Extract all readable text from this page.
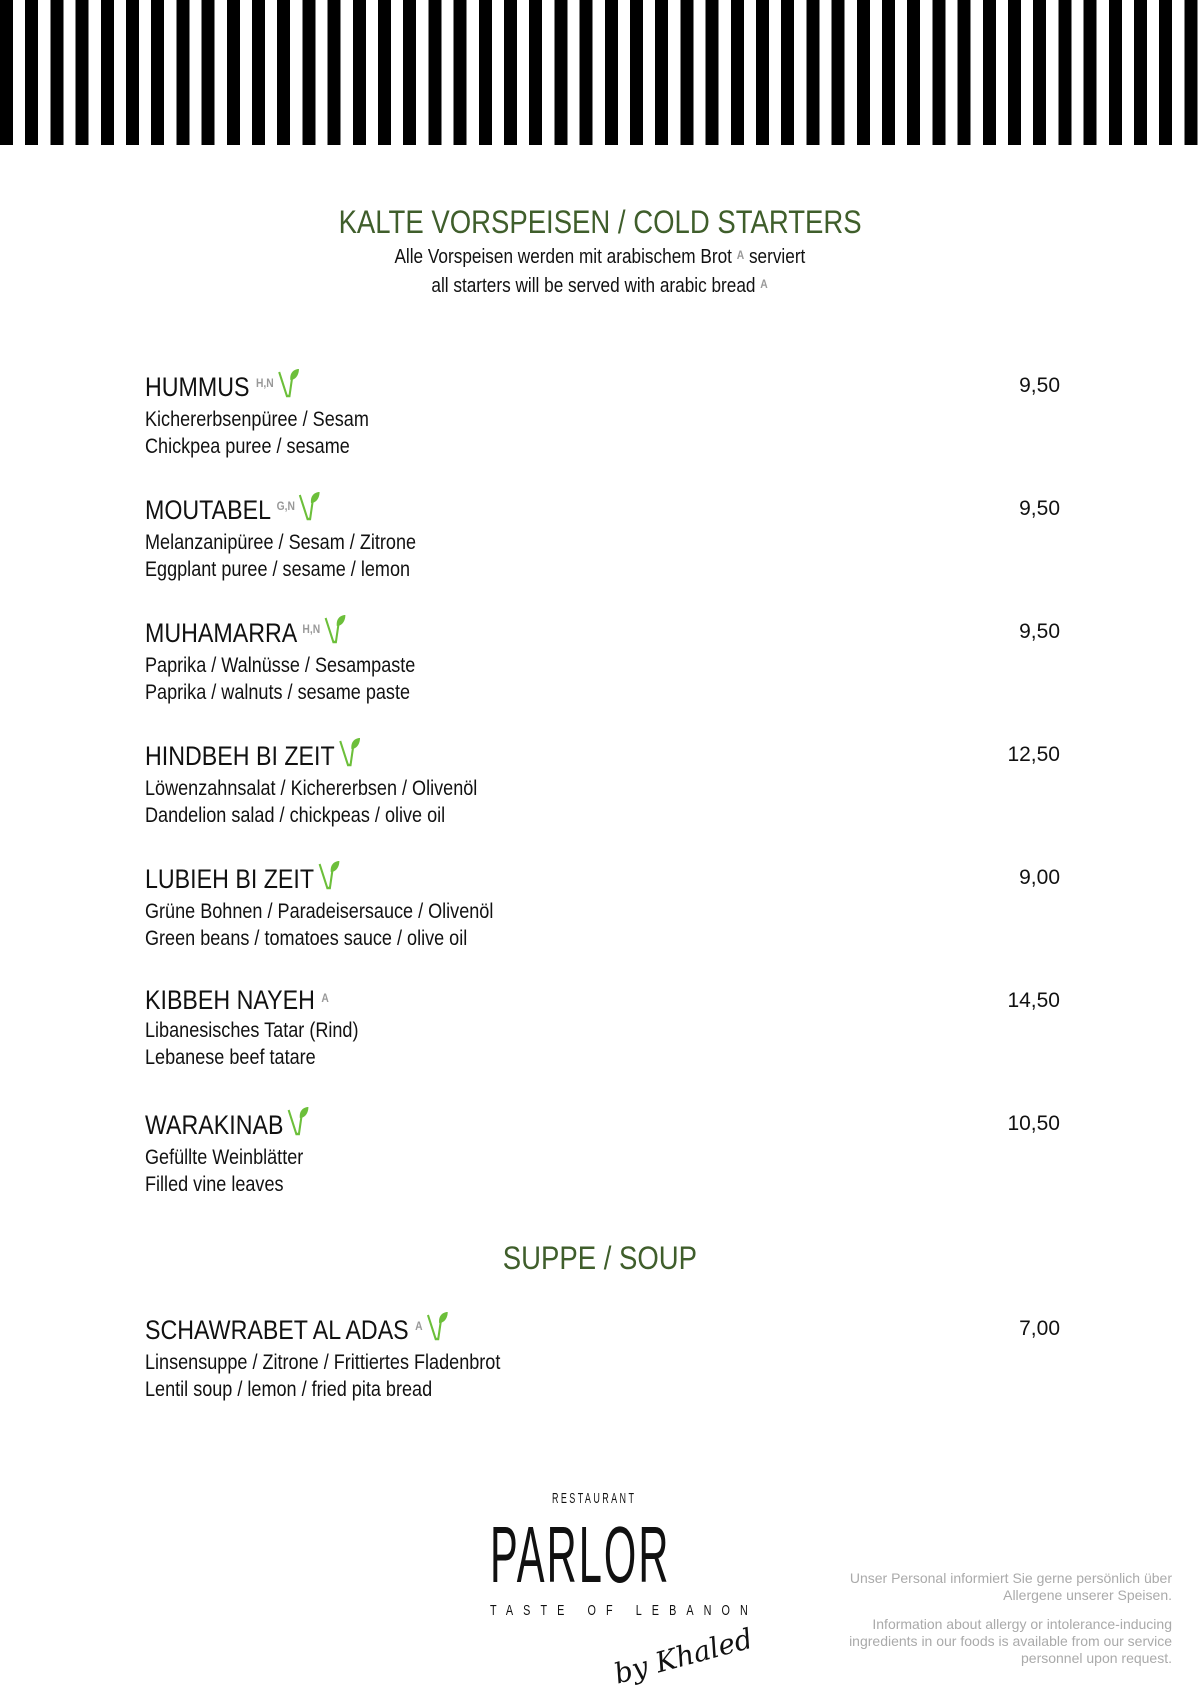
KALTE VORSPEISEN / COLD STARTERS
Alle Vorspeisen werden mit arabischem Brot $^A$ serviert
all starters will be served with arabic bread $^A$
HUMMUS $^{H,N}$
Kichererbsenpüree / Sesam
Chickpea puree / sesame
9,50
MOUTABEL $^{G,N}$
Melanzanipüree / Sesam / Zitrone
Eggplant puree / sesame / lemon
9,50
MUHAMARRA $^{H,N}$
Paprika / Walnüsse / Sesampaste
Paprika / walnuts / sesame paste
9,50
HINDBEH BI ZEIT
Löwenzahnsalat / Kichererbsen / Olivenöl
Dandelion salad / chickpeas / olive oil
12,50
LUBIEH BI ZEIT
Grüne Bohnen / Paradeisersauce / Olivenöl
Green beans / tomatoes sauce / olive oil
9,00
KIBBEH NAYEH $^A$
Libanesisches Tatar (Rind)
Lebanese beef tatare
14,50
WARAKINAB
Gefüllte Weinblätter
Filled vine leaves
10,50
SCHAWRABET AL ADAS $^A$
Linsensuppe / Zitrone / Frittiertes Fladenbrot
Lentil soup / lemon / fried pita bread
7,00
SUPPE / SOUP
RESTAURANT
PARLOR
TASTE OF LEBANON
by Khaled

Unser Personal informiert Sie gerne persönlich über Allergene unserer Speisen.

Information about allergy or intolerance-inducing ingredients in our foods is available from our service personnel upon request.
